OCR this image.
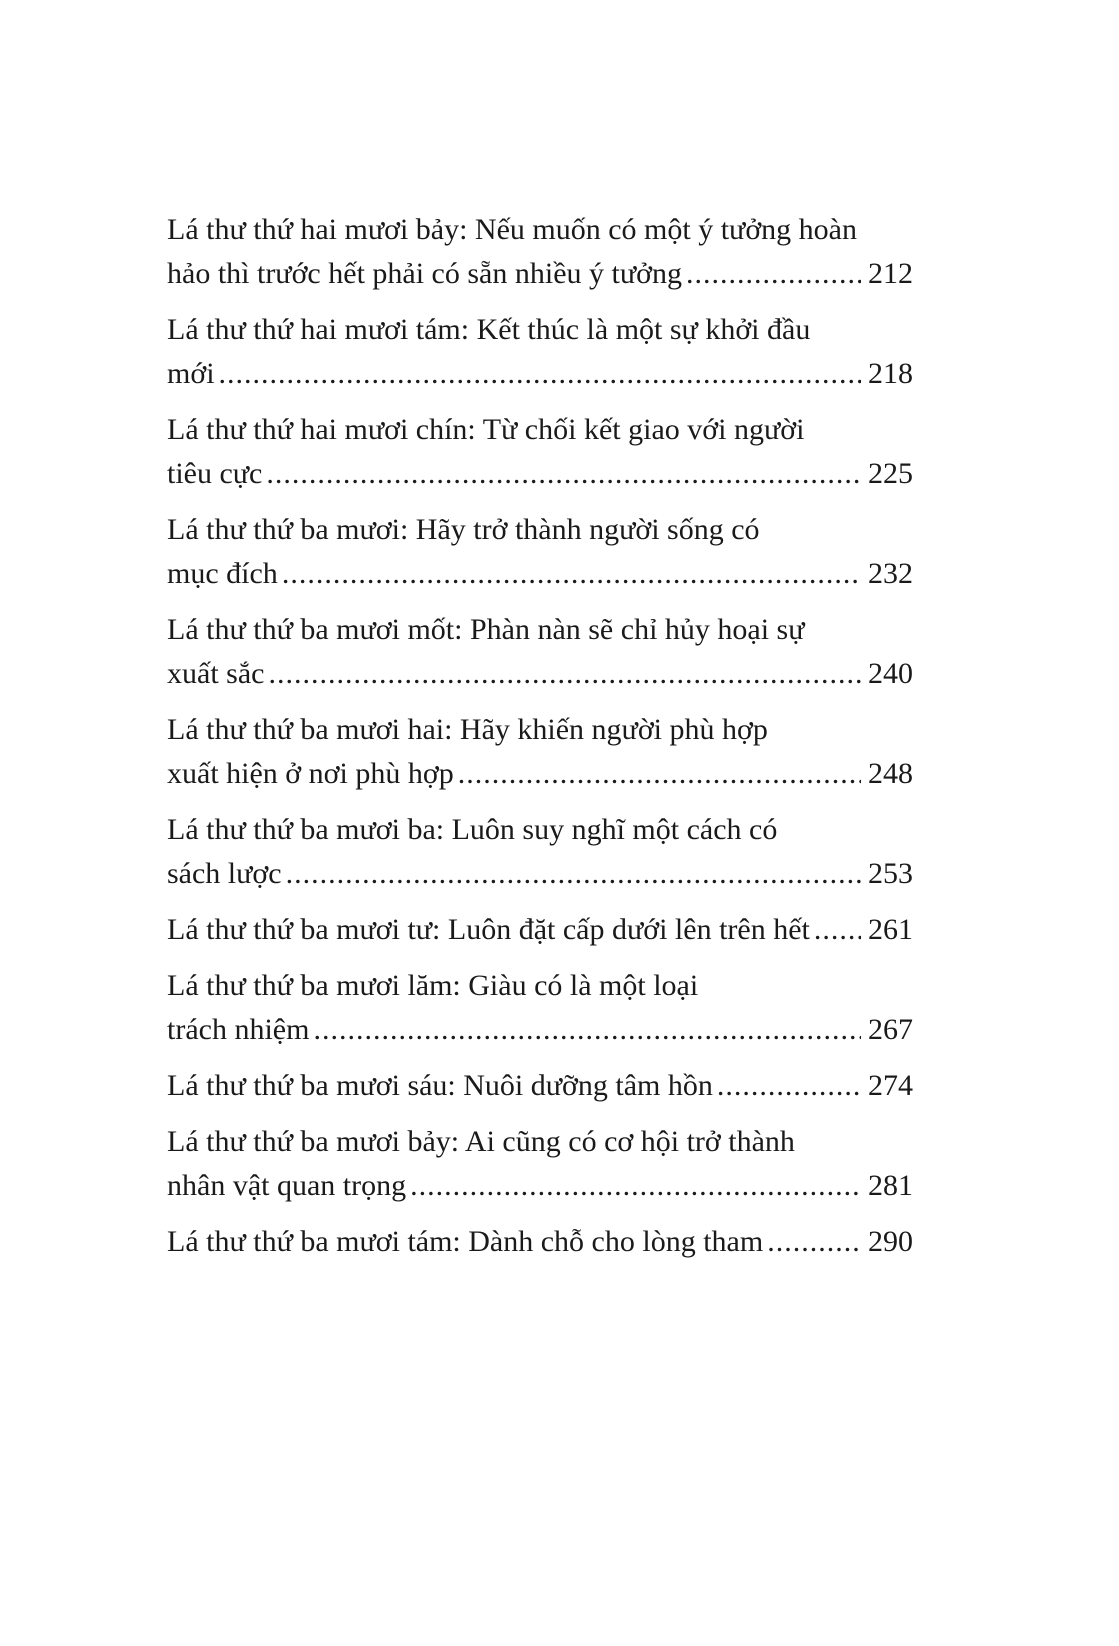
Lá thư thứ hai mươi bảy: Nếu muốn có một ý tưởng hoàn
hảo thì trước hết phải có sẵn nhiều ý tưởng .....	212
Lá thư thứ hai mươi tám: Kết thúc là một sự khởi đầu
mới .....	218
Lá thư thứ hai mươi chín: Từ chối kết giao với người
tiêu cực .....	225
Lá thư thứ ba mươi: Hãy trở thành người sống có
mục đích .....	232
Lá thư thứ ba mươi mốt: Phàn nàn sẽ chỉ hủy hoại sự
xuất sắc .....	240
Lá thư thứ ba mươi hai: Hãy khiến người phù hợp
xuất hiện ở nơi phù hợp .....	248
Lá thư thứ ba mươi ba: Luôn suy nghĩ một cách có
sách lược .....	253
Lá thư thứ ba mươi tư: Luôn đặt cấp dưới lên trên hết ..... 261
Lá thư thứ ba mươi lăm: Giàu có là một loại
trách nhiệm .....	267
Lá thư thứ ba mươi sáu: Nuôi dưỡng tâm hồn .....	274
Lá thư thứ ba mươi bảy: Ai cũng có cơ hội trở thành
nhân vật quan trọng .....	281
Lá thư thứ ba mươi tám: Dành chỗ cho lòng tham .....	290
